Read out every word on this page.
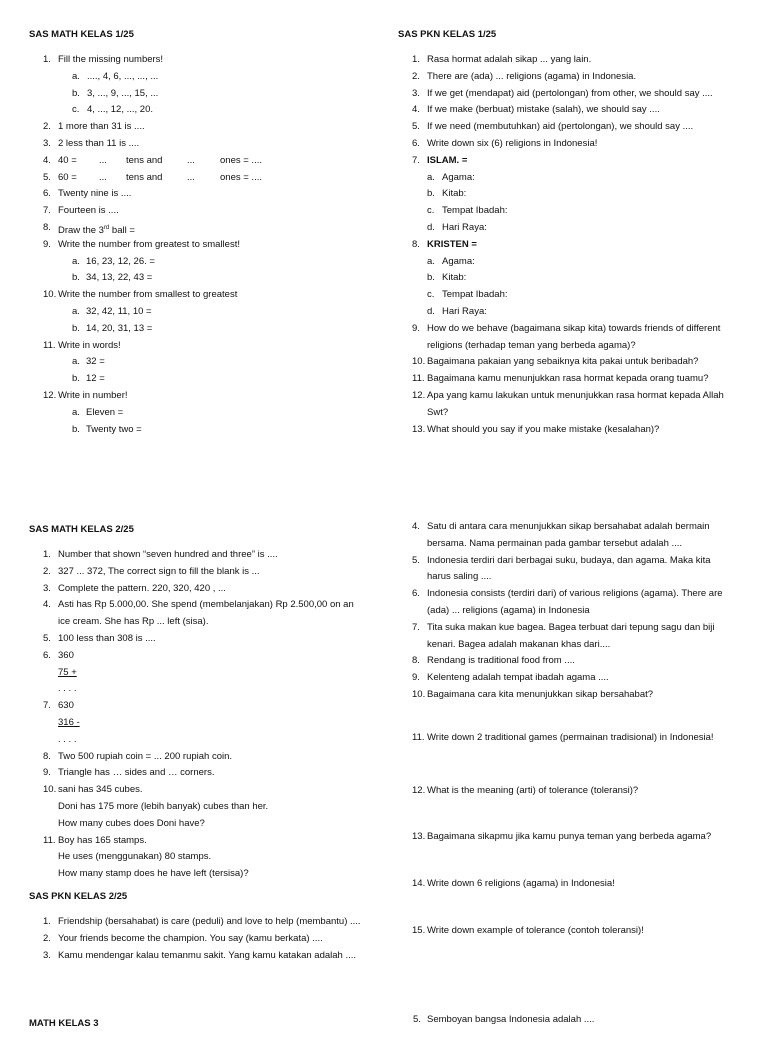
SAS MATH KELAS 1/25
1. Fill the missing numbers!
a. ...., 4, 6, ..., ..., ...
b. 3, ..., 9, ..., 15, ...
c. 4, ..., 12, ..., 20.
2. 1 more than 31 is ....
3. 2 less than 11 is ....
4. 40 = ... tens and	...	ones = ....
5. 60 = ... tens and	...	ones = ....
6. Twenty nine is ....
7. Fourteen is ....
8. Draw the 3rd ball =
9. Write the number from greatest to smallest!
a. 16, 23, 12, 26. =
b. 34, 13, 22, 43 =
10. Write the number from smallest to greatest
a. 32, 42, 11, 10 =
b. 14, 20, 31, 13 =
11. Write in words!
a. 32 =
b. 12 =
12. Write in number!
a. Eleven =
b. Twenty two =
SAS PKN KELAS 1/25
1. Rasa hormat adalah sikap ... yang lain.
2. There are (ada) ... religions (agama) in Indonesia.
3. If we get (mendapat) aid (pertolongan) from other, we should say ....
4. If we make (berbuat) mistake (salah), we should say ....
5. If we need (membutuhkan) aid (pertolongan), we should say ....
6. Write down six (6) religions in Indonesia!
7. ISLAM. =
a. Agama:
b. Kitab:
c. Tempat Ibadah:
d. Hari Raya:
8. KRISTEN =
a. Agama:
b. Kitab:
c. Tempat Ibadah:
d. Hari Raya:
9. How do we behave (bagaimana sikap kita) towards friends of different
religions (terhadap teman yang berbeda agama)?
10. Bagaimana pakaian yang sebaiknya kita pakai untuk beribadah?
11. Bagaimana kamu menunjukkan rasa hormat kepada orang tuamu?
12. Apa yang kamu lakukan untuk menunjukkan rasa hormat kepada Allah
Swt?
13. What should you say if you make mistake (kesalahan)?
SAS MATH KELAS 2/25
1. Number that shown “seven hundred and three” is ....
2. 327 ... 372, The correct sign to fill the blank is ...
3. Complete the pattern. 220, 320, 420 , ...
4. Asti has Rp 5.000,00. She spend (membelanjakan) Rp 2.500,00 on an
ice cream. She has Rp ... left (sisa).
5. 100 less than 308 is ....
6. 360
75 +
. . . .
7. 630
316 -
. . . .
8. Two 500 rupiah coin = ... 200 rupiah coin.
9. Triangle has … sides and … corners.
10. sani has 345 cubes.
Doni has 175 more (lebih banyak) cubes than her.
How many cubes does Doni have?
11. Boy has 165 stamps.
He uses (menggunakan) 80 stamps.
How many stamp does he have left (tersisa)?
SAS PKN KELAS 2/25
1. Friendship (bersahabat) is care (peduli) and love to help (membantu) ....
2. Your friends become the champion. You say (kamu berkata) ....
3. Kamu mendengar kalau temanmu sakit. Yang kamu katakan adalah ....
4. Satu di antara cara menunjukkan sikap bersahabat adalah bermain
bersama. Nama permainan pada gambar tersebut adalah ....
5. Indonesia terdiri dari berbagai suku, budaya, dan agama. Maka kita
harus saling ....
6. Indonesia consists (terdiri dari) of various religions (agama). There are
(ada) ... religions (agama) in Indonesia
7. Tita suka makan kue bagea. Bagea terbuat dari tepung sagu dan biji
kenari. Bagea adalah makanan khas dari....
8. Rendang is traditional food from ....
9. Kelenteng adalah tempat ibadah agama ....
10. Bagaimana cara kita menunjukkan sikap bersahabat?
11. Write down 2 traditional games (permainan tradisional) in Indonesia!
12. What is the meaning (arti) of tolerance (toleransi)?
13. Bagaimana sikapmu jika kamu punya teman yang berbeda agama?
14. Write down 6 religions (agama) in Indonesia!
15. Write down example of tolerance (contoh toleransi)!
MATH KELAS 3	5. Semboyan bangsa Indonesia adalah ....
